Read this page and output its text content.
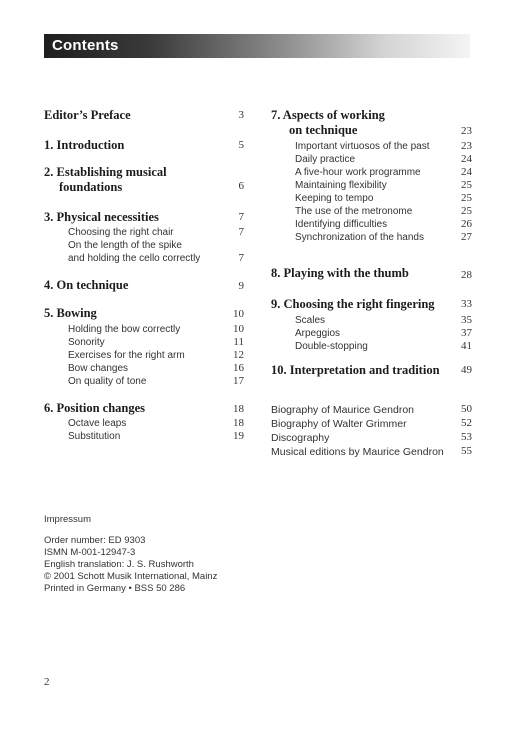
Contents
Editor’s Preface	3
1. Introduction	5
2. Establishing musical
foundations	6
3. Physical necessities	7
Choosing the right chair	7
On the length of the spike
and holding the cello correctly	7
4. On technique	9
5. Bowing	10
Holding the bow correctly	10
Sonority	11
Exercises for the right arm	12
Bow changes	16
On quality of tone	17
6. Position changes	18
Octave leaps	18
Substitution	19
7. Aspects of working
on technique	23
Important virtuosos of the past	23
Daily practice	24
A five-hour work programme	24
Maintaining flexibility	25
Keeping to tempo	25
The use of the metronome	25
Identifying difficulties	26
Synchronization of the hands	27
8. Playing with the thumb	28
9. Choosing the right fingering	33
Scales	35
Arpeggios	37
Double-stopping	41
10. Interpretation and tradition	49
Biography of Maurice Gendron	50
Biography of Walter Grimmer	52
Discography	53
Musical editions by Maurice Gendron	55
Impressum
Order number: ED 9303
ISMN M-001-12947-3
English translation: J. S. Rushworth
© 2001 Schott Musik International, Mainz
Printed in Germany • BSS 50 286
2
